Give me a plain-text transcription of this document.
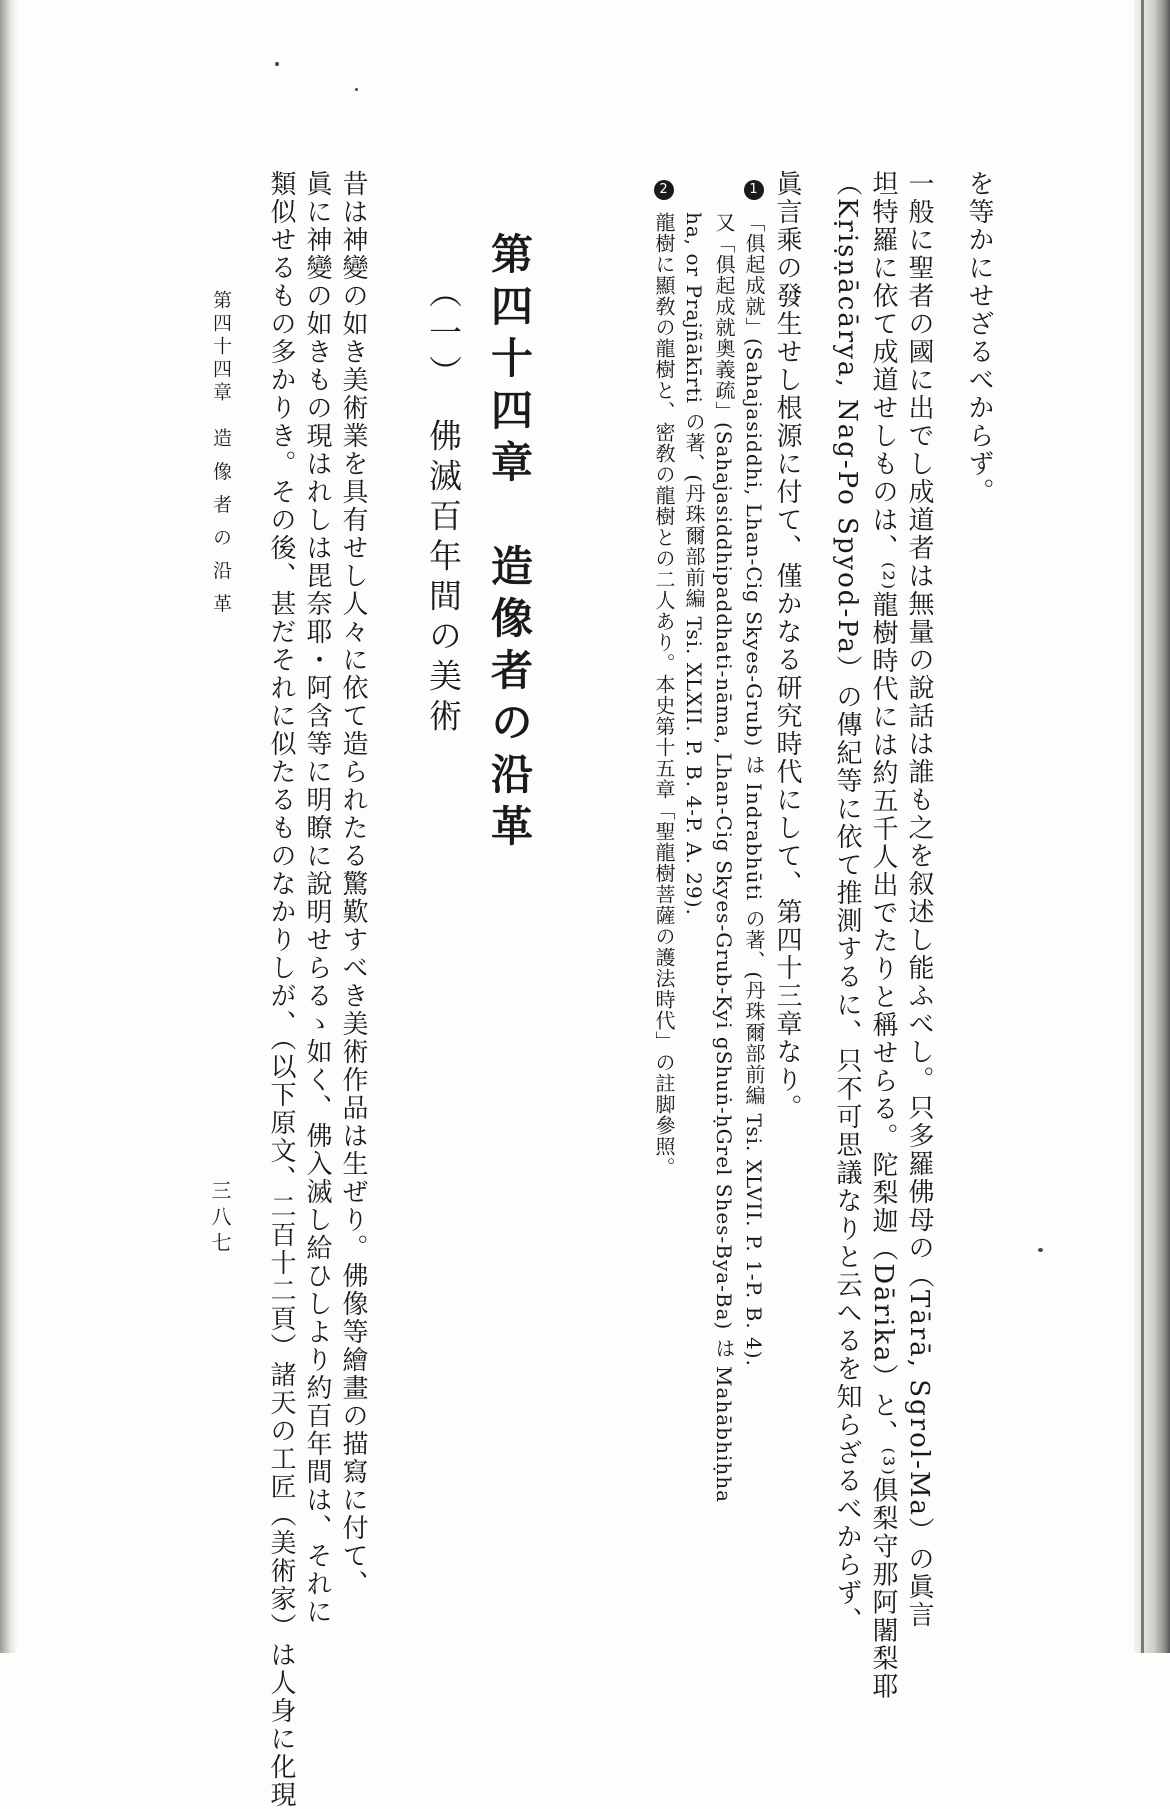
を等かにせざるべからず。
一般に聖者の國に出でし成道者は無量の說話は誰も之を叙述し能ふべし。只多羅佛母の（Tārā, Sgrol-Ma）の眞言
坦特羅に依て成道せしものは、⁽²⁾龍樹時代には約五千人出でたりと稱せらる。陀梨迦（Dārika）と、⁽³⁾俱梨守那阿闍梨耶
（Kṛiṣṇācārya, Nag-Po Spyod-Pa）の傳紀等に依て推測するに、只不可思議なりと云へるを知らざるべからず、
眞言乘の發生せし根源に付て、僅かなる研究時代にして、第四十三章なり。
1「俱起成就」(Sahajasiddhi, Lhan-Cig Skyes-Grub) は Indrabhūti の著、(丹珠爾部前編 Tsi. XLVII. P. 1-P. B. 4).
又「俱起成就奧義疏」(Sahajasiddhipaddhati-nāma, Lhan-Cig Skyes-Grub-Kyi gShuṅ-ḥGrel Shes-Bya-Ba) は Mahābhiḥha
ha, or Prajñākīrti の著、(丹珠爾部前編 Tsi. XLXII. P. B. 4-P. A. 29).
2龍樹に顯敎の龍樹と、密敎の龍樹との二人あり。本史第十五章「聖龍樹菩薩の護法時代」の註脚參照。
第四十四章　造像者の沿革
（一）　佛滅百年間の美術
昔は神變の如き美術業を具有せし人々に依て造られたる驚歎すべき美術作品は生ぜり。佛像等繪畫の描寫に付て、
眞に神變の如きもの現はれしは毘奈耶・阿含等に明瞭に說明せらるゝ如く、佛入滅し給ひしより約百年間は、それに
類似せるもの多かりき。その後、甚だそれに似たるものなかりしが、（以下原文、二百十二頁）諸天の工匠（美術家）は人身に化現
第四十四章　造 像 者 の 沿 革
三八七
